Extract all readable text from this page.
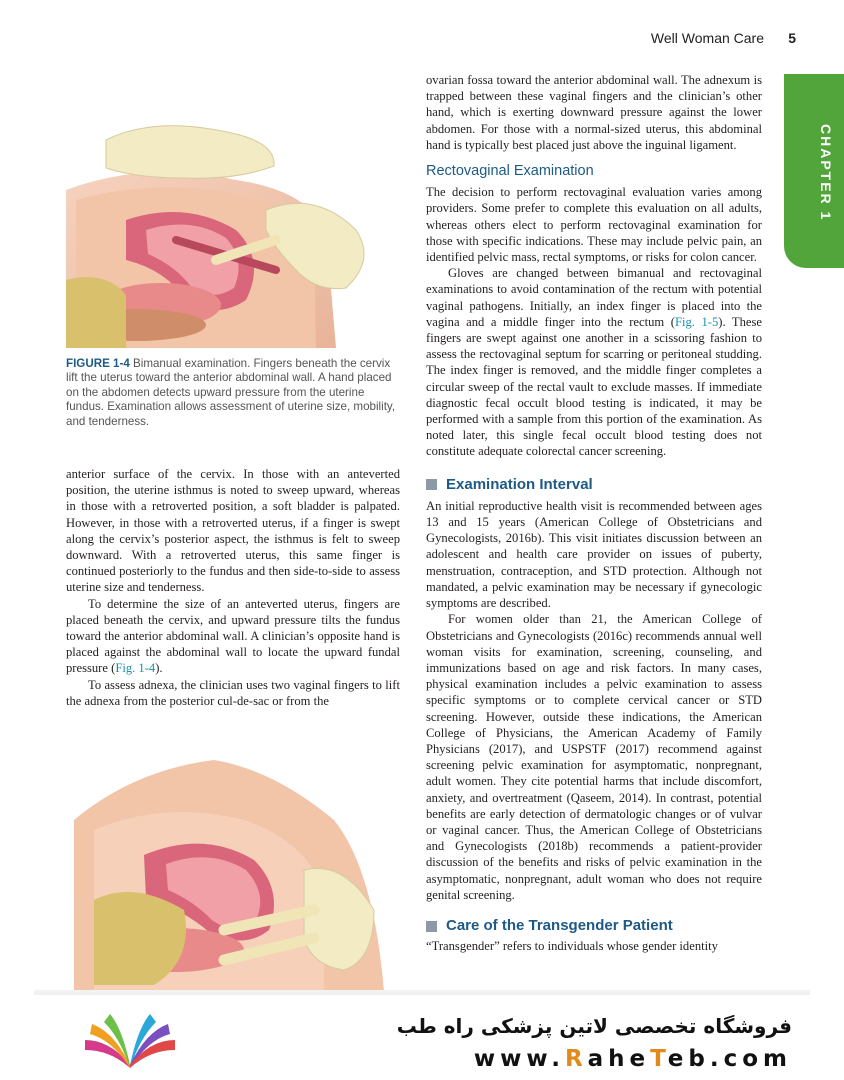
Well Woman Care 5
CHAPTER 1
FIGURE 1-4 Bimanual examination. Fingers beneath the cervix lift the uterus toward the anterior abdominal wall. A hand placed on the abdomen detects upward pressure from the uterine fundus. Examination allows assessment of uterine size, mobility, and tenderness.

anterior surface of the cervix. In those with an anteverted position, the uterine isthmus is noted to sweep upward, whereas in those with a retroverted position, a soft bladder is palpated. However, in those with a retroverted uterus, if a finger is swept along the cervix’s posterior aspect, the isthmus is felt to sweep downward. With a retroverted uterus, this same finger is continued posteriorly to the fundus and then side-to-side to assess uterine size and tenderness.

To determine the size of an anteverted uterus, fingers are placed beneath the cervix, and upward pressure tilts the fundus toward the anterior abdominal wall. A clinician’s opposite hand is placed against the abdominal wall to locate the upward fundal pressure (Fig. 1-4).

To assess adnexa, the clinician uses two vaginal fingers to lift the adnexa from the posterior cul-de-sac or from the

ovarian fossa toward the anterior abdominal wall. The adnexum is trapped between these vaginal fingers and the clinician’s other hand, which is exerting downward pressure against the lower abdomen. For those with a normal-sized uterus, this abdominal hand is typically best placed just above the inguinal ligament.

Rectovaginal Examination

The decision to perform rectovaginal evaluation varies among providers. Some prefer to complete this evaluation on all adults, whereas others elect to perform rectovaginal examination for those with specific indications. These may include pelvic pain, an identified pelvic mass, rectal symptoms, or risks for colon cancer.

Gloves are changed between bimanual and rectovaginal examinations to avoid contamination of the rectum with potential vaginal pathogens. Initially, an index finger is placed into the vagina and a middle finger into the rectum (Fig. 1-5). These fingers are swept against one another in a scissoring fashion to assess the rectovaginal septum for scarring or peritoneal studding. The index finger is removed, and the middle finger completes a circular sweep of the rectal vault to exclude masses. If immediate diagnostic fecal occult blood testing is indicated, it may be performed with a sample from this portion of the examination. As noted later, this single fecal occult blood testing does not constitute adequate colorectal cancer screening.

Examination Interval

An initial reproductive health visit is recommended between ages 13 and 15 years (American College of Obstetricians and Gynecologists, 2016b). This visit initiates discussion between an adolescent and health care provider on issues of puberty, menstruation, contraception, and STD protection. Although not mandated, a pelvic examination may be necessary if gynecologic symptoms are described.

For women older than 21, the American College of Obstetricians and Gynecologists (2016c) recommends annual well woman visits for examination, screening, counseling, and immunizations based on age and risk factors. In many cases, physical examination includes a pelvic examination to assess specific symptoms or to complete cervical cancer or STD screening. However, outside these indications, the American College of Physicians, the American Academy of Family Physicians (2017), and USPSTF (2017) recommend against screening pelvic examination for asymptomatic, nonpregnant, adult women. They cite potential harms that include discomfort, anxiety, and overtreatment (Qaseem, 2014). In contrast, potential benefits are early detection of dermatologic changes or of vulvar or vaginal cancer. Thus, the American College of Obstetricians and Gynecologists (2018b) recommends a patient-provider discussion of the benefits and risks of pelvic examination in the asymptomatic, nonpregnant, adult woman who does not require genital screening.

Care of the Transgender Patient

“Transgender” refers to individuals whose gender identity

فروشگاه تخصصی لاتین پزشکی راه طب
www.RaheTeb.com
